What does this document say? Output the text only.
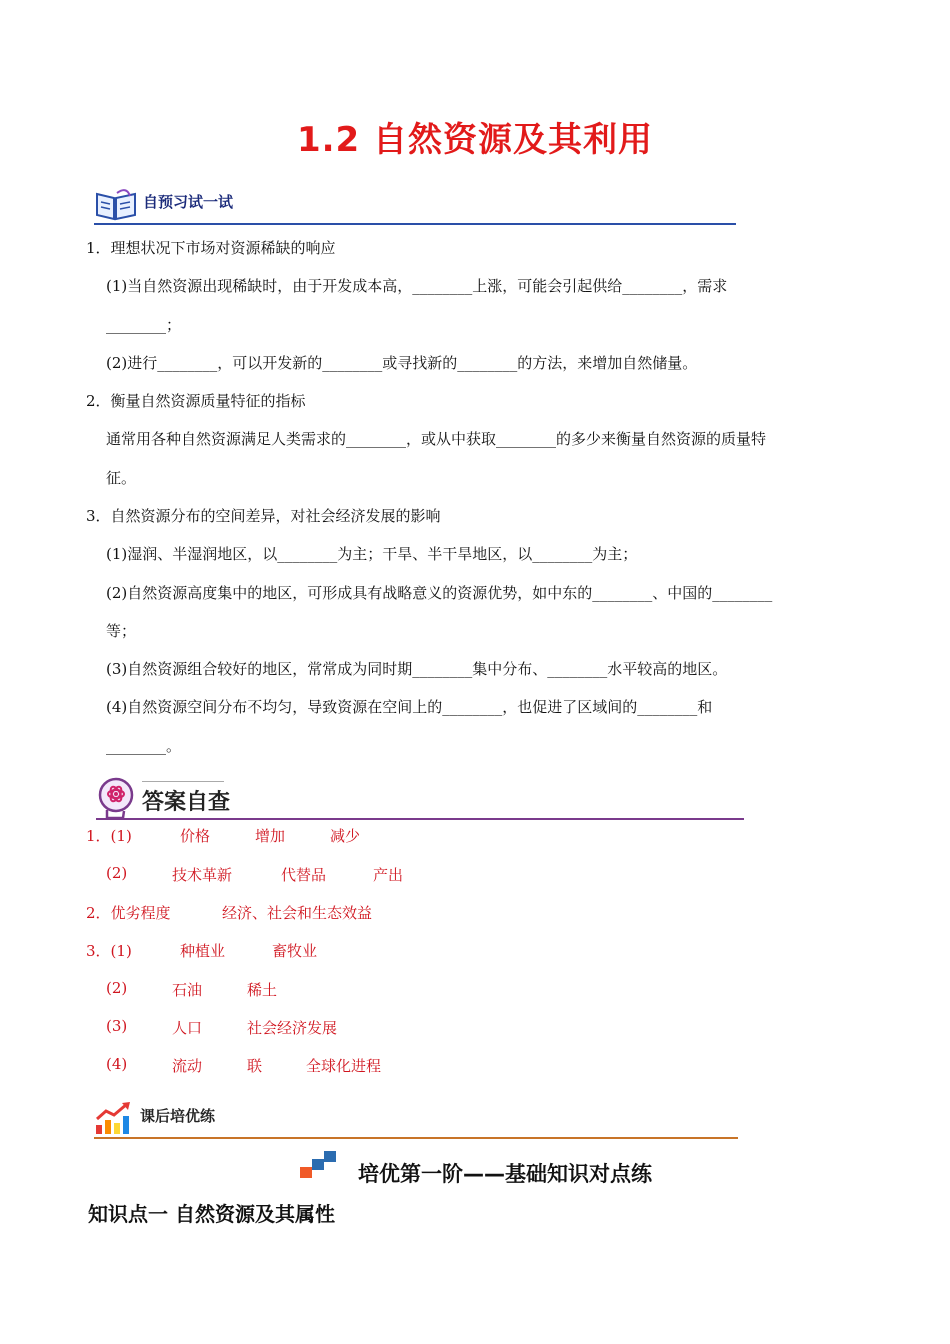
1.2 自然资源及其利用
自预习试一试
1．理想状况下市场对资源稀缺的响应
(1)当自然资源出现稀缺时，由于开发成本高，________上涨，可能会引起供给________，需求
________；
(2)进行________，可以开发新的________或寻找新的________的方法，来增加自然储量。
2．衡量自然资源质量特征的指标
通常用各种自然资源满足人类需求的________，或从中获取________的多少来衡量自然资源的质量特
征。
3．自然资源分布的空间差异，对社会经济发展的影响
(1)湿润、半湿润地区，以________为主；干旱、半干旱地区，以________为主；
(2)自然资源高度集中的地区，可形成具有战略意义的资源优势，如中东的________、中国的________
等；
(3)自然资源组合较好的地区，常常成为同时期________集中分布、________水平较高的地区。
(4)自然资源空间分布不均匀，导致资源在空间上的________，也促进了区域间的________和
________。
答案自查
1．(1)	价格	增加	减少
(2)	技术革新	代替品	产出
2．优劣程度	经济、社会和生态效益
3．(1)	种植业	畜牧业
(2)	石油	稀土
(3)	人口	社会经济发展
(4)	流动	联	全球化进程
课后培优练
培优第一阶——基础知识对点练
知识点一 自然资源及其属性
